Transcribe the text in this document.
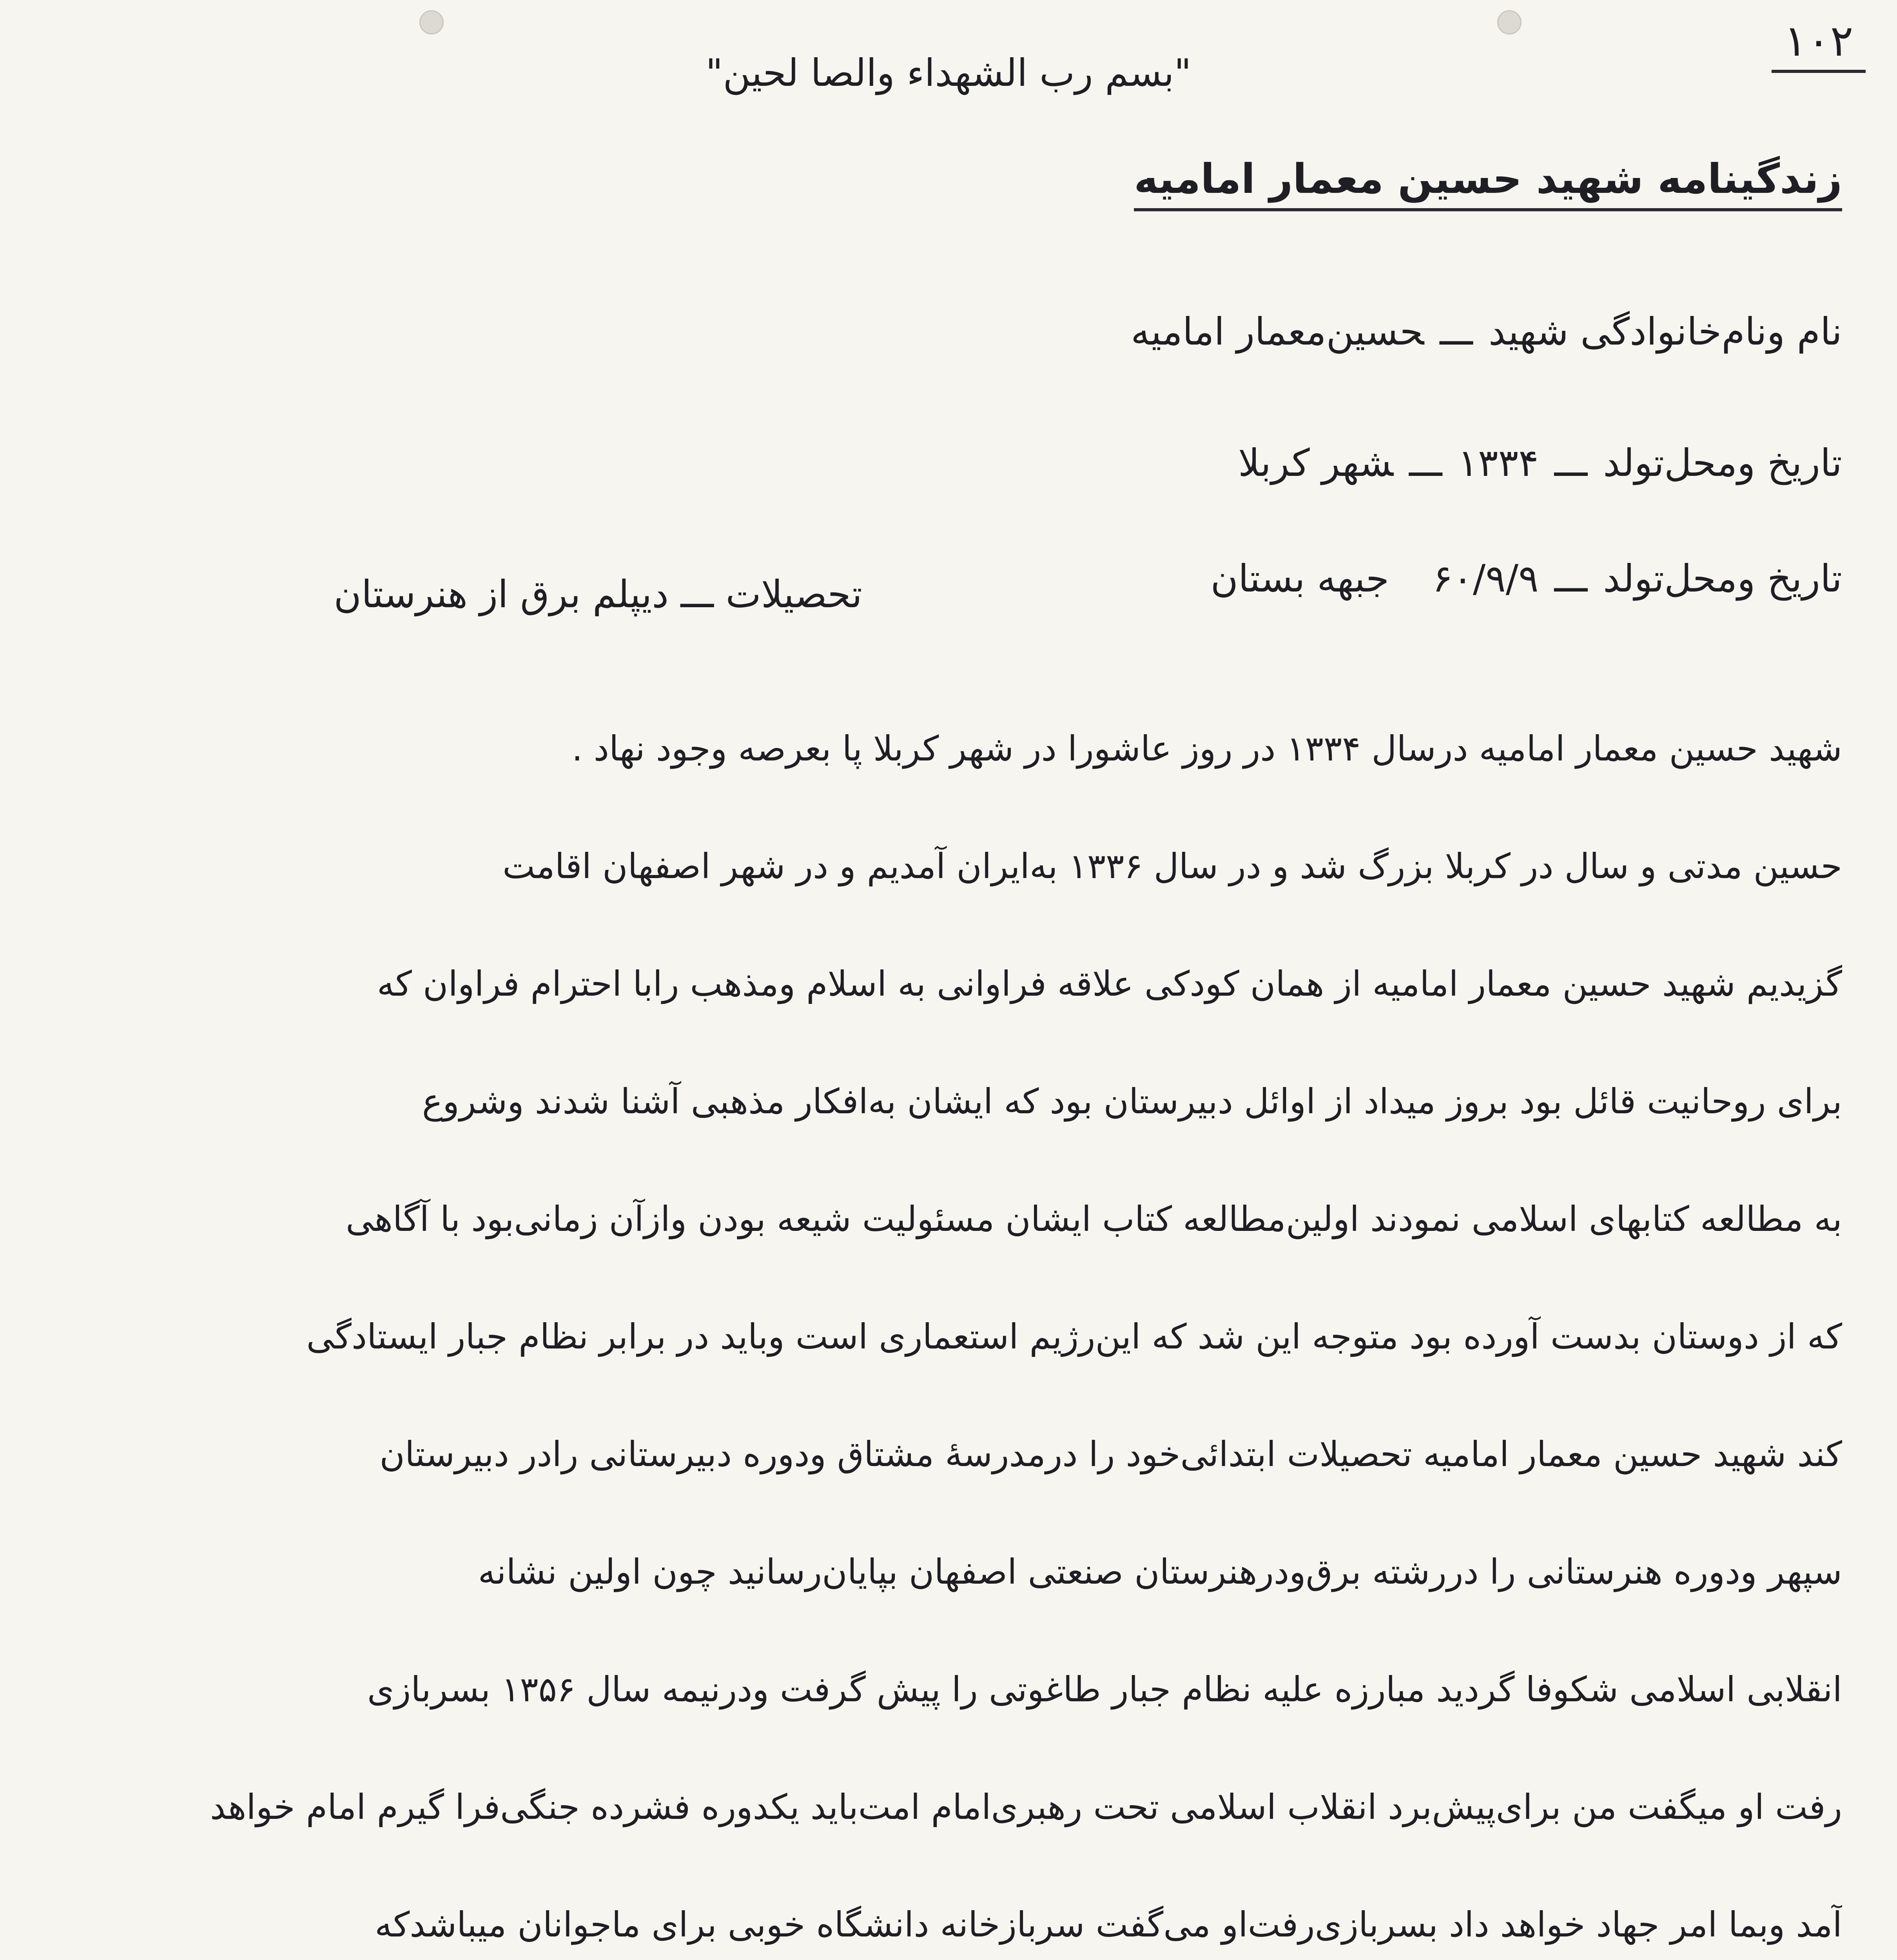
۱۰۲
"بسم رب الشهداء والصا لحین"
زندگینامه شهید حسین معمار امامیه
نام ونام‌خانوادگی شهیدـــحسین‌معمار امامیه
تاریخ ومحل‌تولدـــ۱۳۳۴ـــشهر کربلا
تاریخ ومحل‌تولدـــ۶۰/۹/۹ جبهه بستان
تحصیلات ـــ دیپلم برق از هنرستان
شهید حسین معمار امامیه درسال ۱۳۳۴ در روز عاشورا در شهر کربلا پا بعرصه وجود نهاد .
حسین مدتی و سال در کربلا بزرگ شد و در سال ۱۳۳۶ به‌ایران آمدیم و در شهر اصفهان اقامت
گزیدیم شهید حسین معمار امامیه از همان کودکی علاقه فراوانی به اسلام ومذهب رابا احترام فراوان که
برای روحانیت قائل بود بروز میداد از اوائل دبیرستان بود که ایشان به‌افکار مذهبی آشنا شدند وشروع
به مطالعه کتابهای اسلامی نمودند اولین‌مطالعه کتاب ایشان مسئولیت شیعه بودن وازآن زمانی‌بود با آگاهی
که از دوستان بدست آورده بود متوجه این شد که این‌رژیم استعماری است وباید در برابر نظام جبار ایستادگی
کند شهید حسین معمار امامیه تحصیلات ابتدائی‌خود را درمدرسهٔ مشتاق ودوره دبیرستانی رادر دبیرستان
سپهر ودوره هنرستانی را دررشته برق‌ودرهنرستان صنعتی اصفهان بپایان‌رسانید چون اولین نشانه
انقلابی اسلامی شکوفا گردید مبارزه علیه نظام جبار طاغوتی را پیش گرفت ودرنیمه سال ۱۳۵۶ بسربازی
رفت او میگفت من برای‌پیش‌برد انقلاب اسلامی تحت رهبری‌امام امت‌باید یکدوره فشرده جنگی‌فرا گیرم امام خواهد
آمد وبما امر جهاد خواهد داد بسربازی‌رفت‌او می‌گفت سربازخانه دانشگاه خوبی برای ماجوانان میباشدکه
